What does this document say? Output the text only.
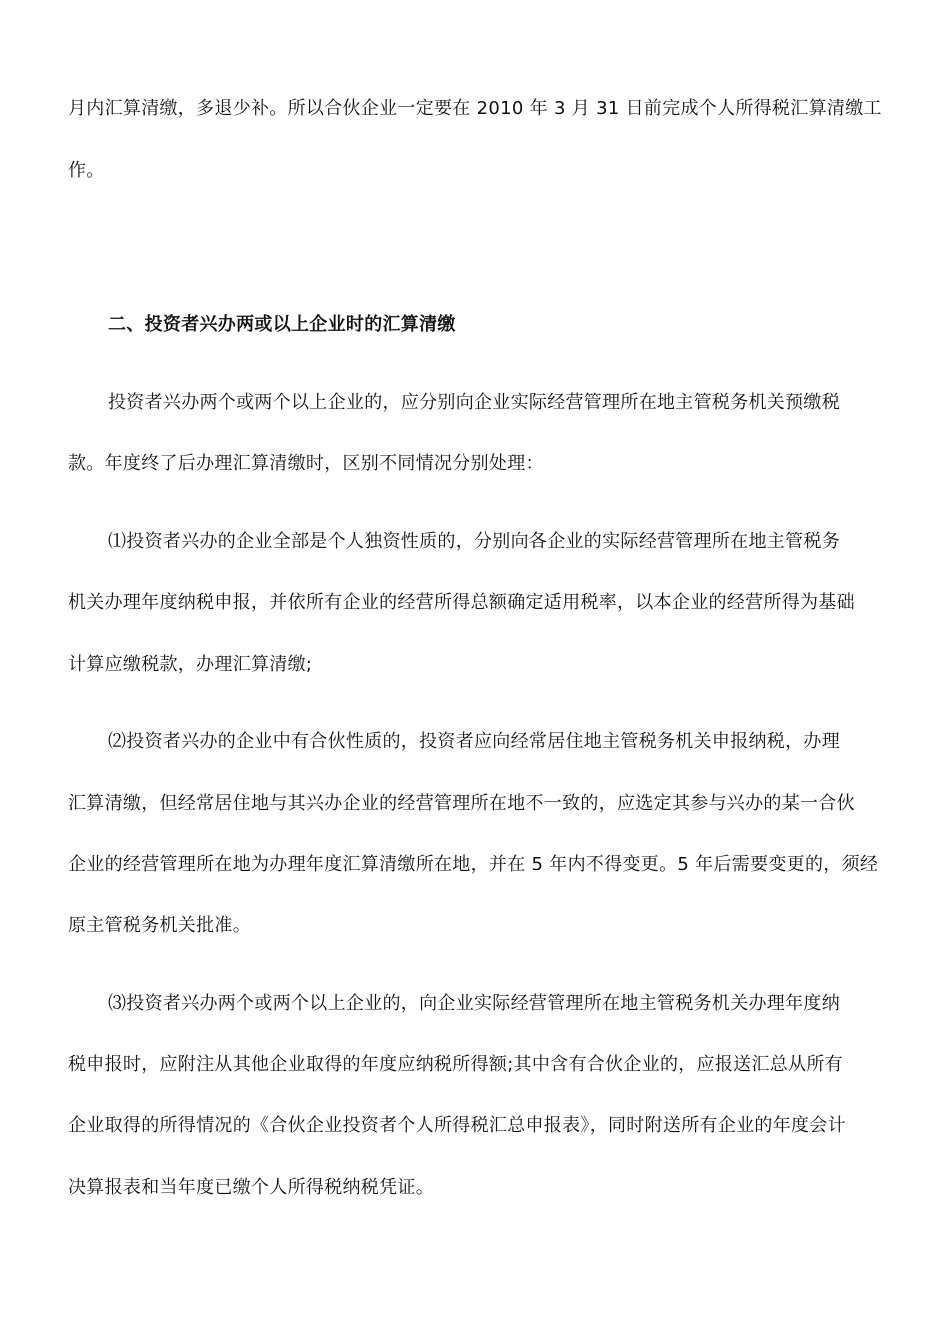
月内汇算清缴，多退少补。所以合伙企业一定要在 2010 年 3 月 31 日前完成个人所得税汇算清缴工
作。
二、投资者兴办两或以上企业时的汇算清缴
投资者兴办两个或两个以上企业的，应分别向企业实际经营管理所在地主管税务机关预缴税
款。年度终了后办理汇算清缴时，区别不同情况分别处理：
⑴投资者兴办的企业全部是个人独资性质的，分别向各企业的实际经营管理所在地主管税务
机关办理年度纳税申报，并依所有企业的经营所得总额确定适用税率，以本企业的经营所得为基础
计算应缴税款，办理汇算清缴;
⑵投资者兴办的企业中有合伙性质的，投资者应向经常居住地主管税务机关申报纳税，办理
汇算清缴，但经常居住地与其兴办企业的经营管理所在地不一致的，应选定其参与兴办的某一合伙
企业的经营管理所在地为办理年度汇算清缴所在地，并在 5 年内不得变更。5 年后需要变更的，须经
原主管税务机关批准。
⑶投资者兴办两个或两个以上企业的，向企业实际经营管理所在地主管税务机关办理年度纳
税申报时，应附注从其他企业取得的年度应纳税所得额;其中含有合伙企业的，应报送汇总从所有
企业取得的所得情况的《合伙企业投资者个人所得税汇总申报表》，同时附送所有企业的年度会计
决算报表和当年度已缴个人所得税纳税凭证。
